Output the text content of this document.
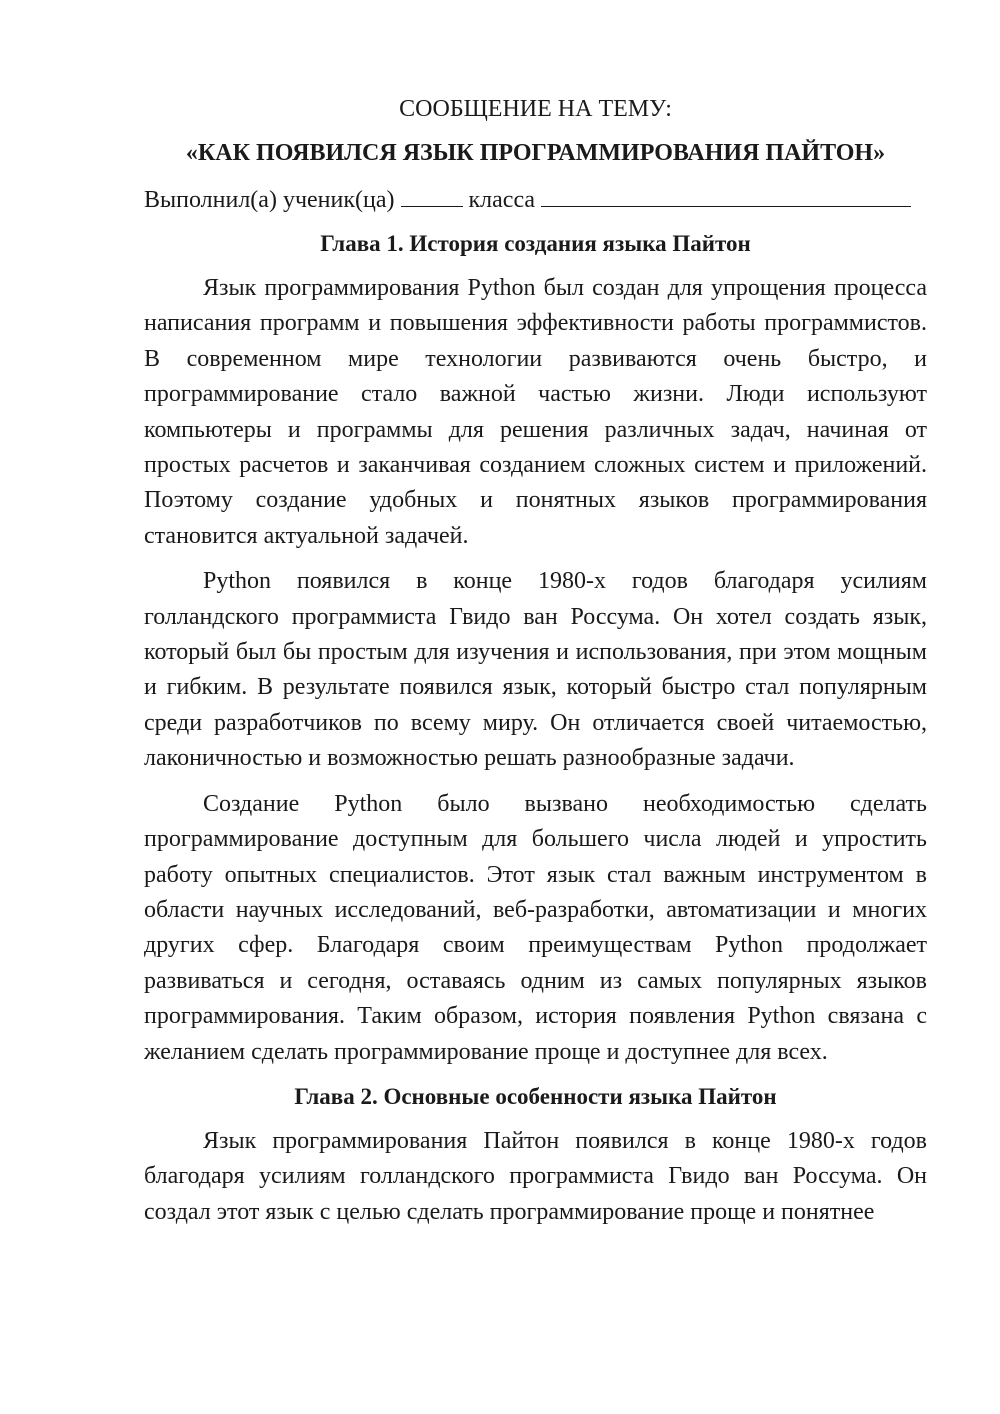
СООБЩЕНИЕ НА ТЕМУ:
«КАК ПОЯВИЛСЯ ЯЗЫК ПРОГРАММИРОВАНИЯ ПАЙТОН»
Выполнил(а) ученик(ца)	класса
Глава 1. История создания языка Пайтон

Язык программирования Python был создан для упрощения процесса написания программ и повышения эффективности работы программистов. В современном мире технологии развиваются очень быстро, и программирование стало важной частью жизни. Люди используют компьютеры и программы для решения различных задач, начиная от простых расчетов и заканчивая созданием сложных систем и приложений. Поэтому создание удобных и понятных языков программирования становится актуальной задачей.

Python появился в конце 1980-х годов благодаря усилиям голландского программиста Гвидо ван Россума. Он хотел создать язык, который был бы простым для изучения и использования, при этом мощным и гибким. В результате появился язык, который быстро стал популярным среди разработчиков по всему миру. Он отличается своей читаемостью, лаконичностью и возможностью решать разнообразные задачи.

Создание Python было вызвано необходимостью сделать программирование доступным для большего числа людей и упростить работу опытных специалистов. Этот язык стал важным инструментом в области научных исследований, веб-разработки, автоматизации и многих других сфер. Благодаря своим преимуществам Python продолжает развиваться и сегодня, оставаясь одним из самых популярных языков программирования. Таким образом, история появления Python связана с желанием сделать программирование проще и доступнее для всех.

Глава 2. Основные особенности языка Пайтон

Язык программирования Пайтон появился в конце 1980-х годов благодаря усилиям голландского программиста Гвидо ван Россума. Он создал этот язык с целью сделать программирование проще и понятнее
